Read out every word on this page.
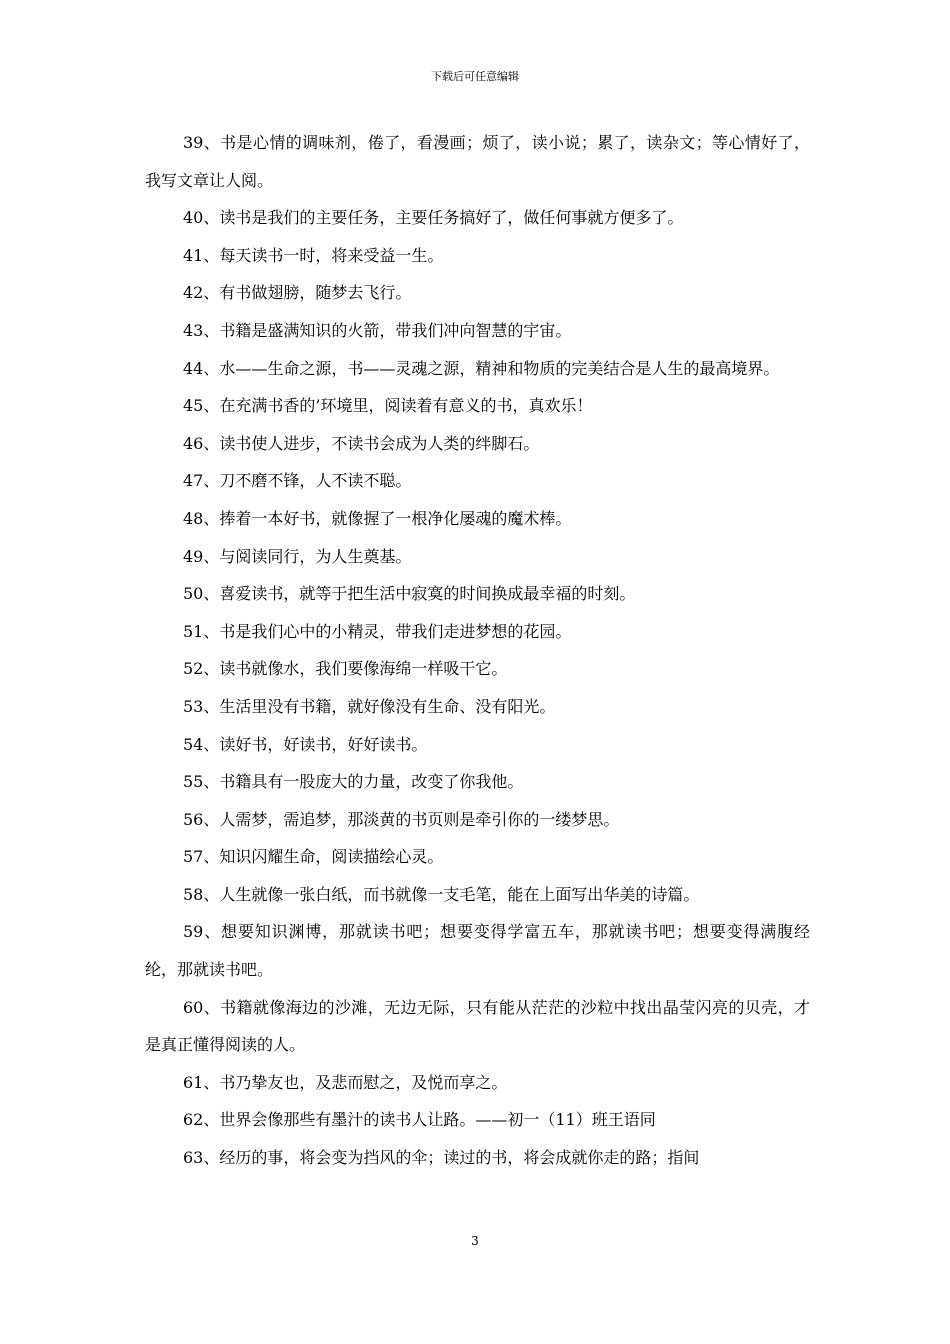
下载后可任意编辑

39、书是心情的调味剂，倦了，看漫画；烦了，读小说；累了，读杂文；等心情好了，我写文章让人阅。

40、读书是我们的主要任务，主要任务搞好了，做任何事就方便多了。

41、每天读书一时，将来受益一生。

42、有书做翅膀，随梦去飞行。

43、书籍是盛满知识的火箭，带我们冲向智慧的宇宙。

44、水——生命之源，书——灵魂之源，精神和物质的完美结合是人生的最高境界。

45、在充满书香的’环境里，阅读着有意义的书，真欢乐！

46、读书使人进步，不读书会成为人类的绊脚石。

47、刀不磨不锋，人不读不聪。

48、捧着一本好书，就像握了一根净化屡魂的魔术棒。

49、与阅读同行，为人生奠基。

50、喜爱读书，就等于把生活中寂寞的时间换成最幸福的时刻。

51、书是我们心中的小精灵，带我们走进梦想的花园。

52、读书就像水，我们要像海绵一样吸干它。

53、生活里没有书籍，就好像没有生命、没有阳光。

54、读好书，好读书，好好读书。

55、书籍具有一股庞大的力量，改变了你我他。

56、人需梦，需追梦，那淡黄的书页则是牵引你的一缕梦思。

57、知识闪耀生命，阅读描绘心灵。

58、人生就像一张白纸，而书就像一支毛笔，能在上面写出华美的诗篇。

59、想要知识渊博，那就读书吧；想要变得学富五车，那就读书吧；想要变得满腹经纶，那就读书吧。

60、书籍就像海边的沙滩，无边无际，只有能从茫茫的沙粒中找出晶莹闪亮的贝壳，才是真正懂得阅读的人。

61、书乃挚友也，及悲而慰之，及悦而享之。

62、世界会像那些有墨汁的读书人让路。——初一（11）班王语同

63、经历的事，将会变为挡风的伞；读过的书，将会成就你走的路；指间

3
